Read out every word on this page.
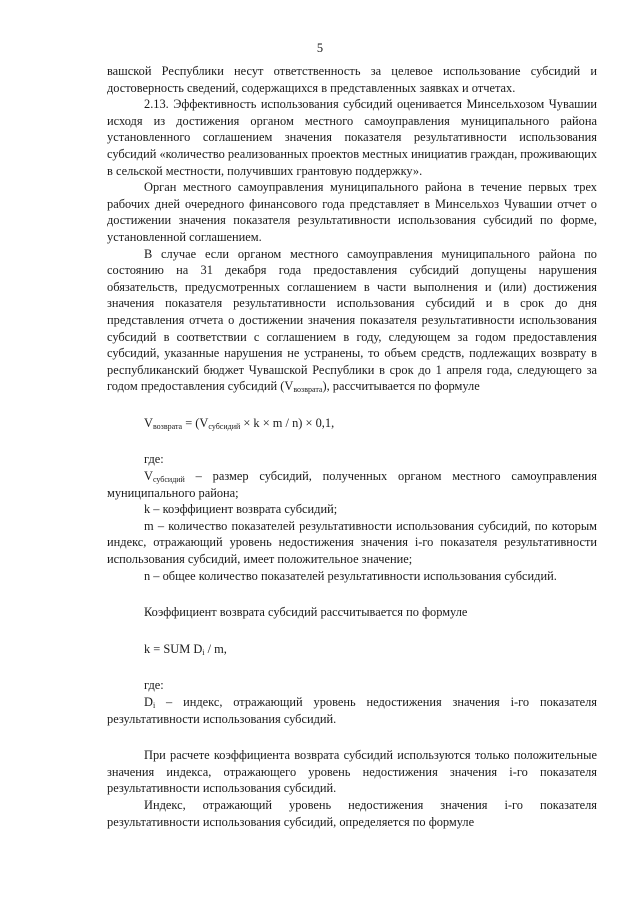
5

вашской Республики несут ответственность за целевое использование субсидий и достоверность сведений, содержащихся в представленных заявках и отчетах.

2.13. Эффективность использования субсидий оценивается Минсельхозом Чувашии исходя из достижения органом местного самоуправления муниципального района установленного соглашением значения показателя результативности использования субсидий «количество реализованных проектов местных инициатив граждан, проживающих в сельской местности, получивших грантовую поддержку».

Орган местного самоуправления муниципального района в течение первых трех рабочих дней очередного финансового года представляет в Минсельхоз Чувашии отчет о достижении значения показателя результативности использования субсидий по форме, установленной соглашением.

В случае если органом местного самоуправления муниципального района по состоянию на 31 декабря года предоставления субсидий допущены нарушения обязательств, предусмотренных соглашением в части выполнения и (или) достижения значения показателя результативности использования субсидий и в срок до дня представления отчета о достижении значения показателя результативности использования субсидий в соответствии с соглашением в году, следующем за годом предоставления субсидий, указанные нарушения не устранены, то объем средств, подлежащих возврату в республиканский бюджет Чувашской Республики в срок до 1 апреля года, следующего за годом предоставления субсидий $(V_{возврата})$, рассчитывается по формуле

$V_{возврата} = (V_{субсидий} \times k \times m / n) \times 0,1$,

где:

$V_{субсидий}$ – размер субсидий, полученных органом местного самоуправления муниципального района;

k – коэффициент возврата субсидий;

m – количество показателей результативности использования субсидий, по которым индекс, отражающий уровень недостижения значения i-го показателя результативности использования субсидий, имеет положительное значение;

n – общее количество показателей результативности использования субсидий.

Коэффициент возврата субсидий рассчитывается по формуле

k = SUM $D_i$ / m,

где:

$D_i$ – индекс, отражающий уровень недостижения значения i-го показателя результативности использования субсидий.

При расчете коэффициента возврата субсидий используются только положительные значения индекса, отражающего уровень недостижения значения i-го показателя результативности использования субсидий.

Индекс, отражающий уровень недостижения значения i-го показателя результативности использования субсидий, определяется по формуле
